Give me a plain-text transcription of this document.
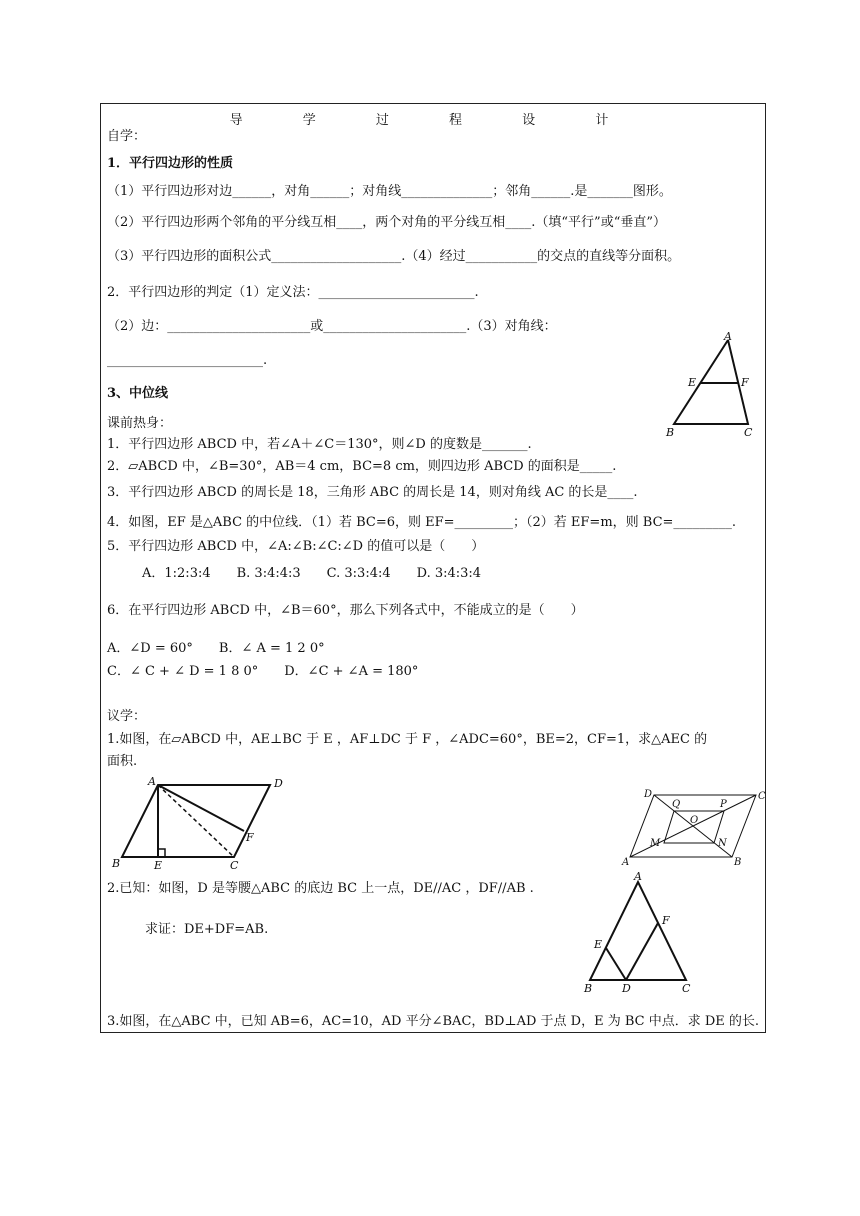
导 学 过 程 设 计
自学：
1．平行四边形的性质
（1）平行四边形对边______，对角______；对角线______________；邻角______.是_______图形。
（2）平行四边形两个邻角的平分线互相____，两个对角的平分线互相____.（填“平行”或“垂直”）
（3）平行四边形的面积公式____________________.（4）经过___________的交点的直线等分面积。
2．平行四边形的判定（1）定义法：________________________.
（2）边：______________________或______________________.（3）对角线：
________________________.
3、中位线
课前热身：
1．平行四边形 ABCD 中，若∠A＋∠C＝130°，则∠D 的度数是_______.
2．▱ABCD 中，∠B=30°，AB＝4 cm，BC=8 cm，则四边形 ABCD 的面积是_____.
3．平行四边形 ABCD 的周长是 18，三角形 ABC 的周长是 14，则对角线 AC 的长是____.
4．如图，EF 是△ABC 的中位线．（1）若 BC=6，则 EF=_________；（2）若 EF=m，则 BC=_________.
5．平行四边形 ABCD 中，∠A:∠B:∠C:∠D 的值可以是（　　）
A．1:2:3:4　　B. 3:4:4:3　　C. 3:3:4:4　　D. 3:4:3:4
6．在平行四边形 ABCD 中，∠B＝60°，那么下列各式中，不能成立的是（　　）
A．∠D = 60°　　B．∠ A = 1 2 0°
C．∠ C + ∠ D = 1 8 0°　　D．∠C + ∠A = 180°
议学：
1.如图，在▱ABCD 中，AE⊥BC 于 E ，AF⊥DC 于 F ，∠ADC=60°，BE=2，CF=1，求△AEC 的
面积.
2.已知：如图，D 是等腰△ABC 的底边 BC 上一点，DE//AC ，DF//AB .
求证：DE+DF=AB.
3.如图，在△ABC 中，已知 AB=6，AC=10，AD 平分∠BAC，BD⊥AD 于点 D，E 为 BC 中点．求 DE 的长.
A
E	F
B	C
A	D
B	E	C
F
D
Q	P
C
M
O
N
A	B
A
F
E
B	D	C
